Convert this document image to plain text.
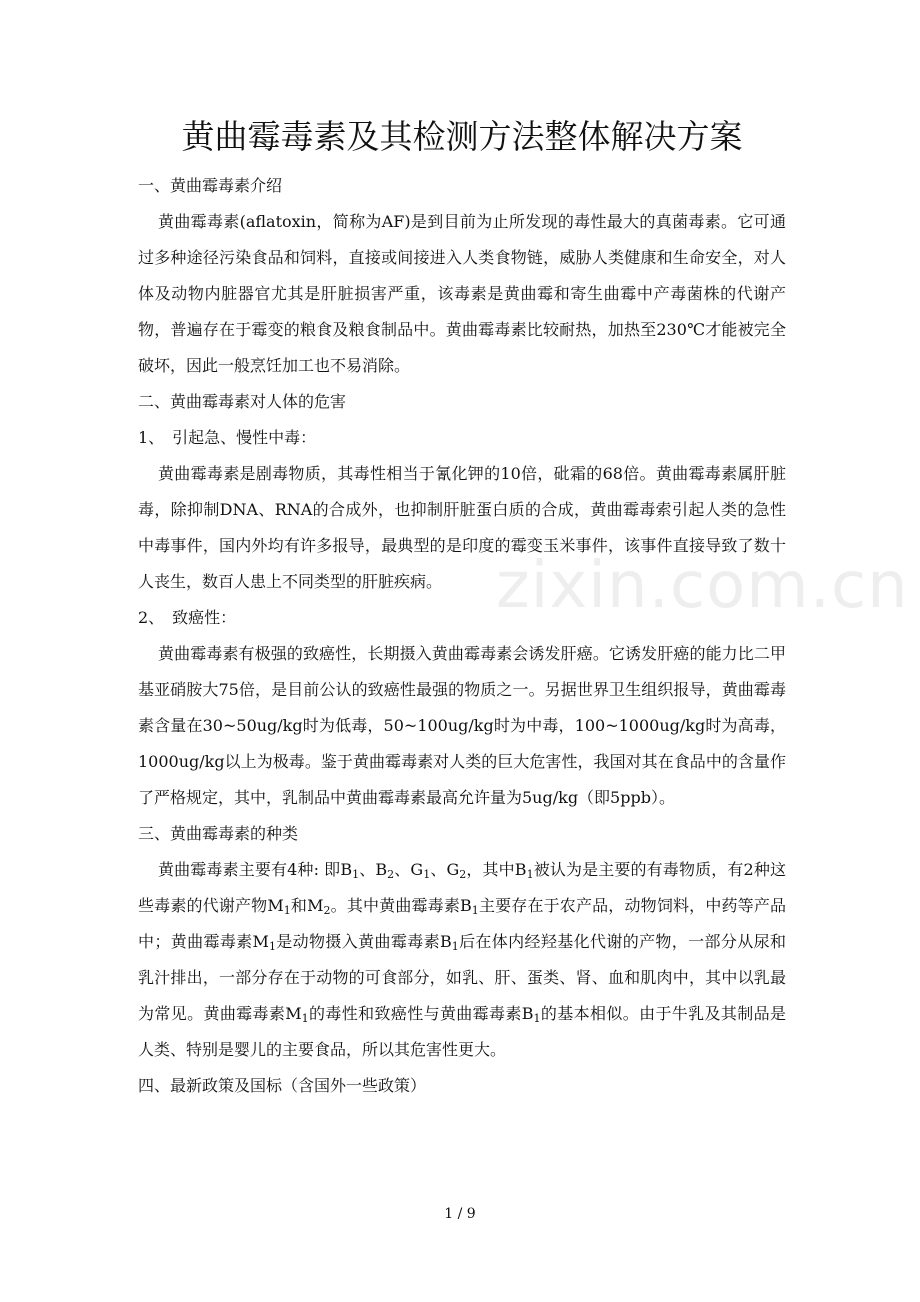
zixin.com.cn
黄曲霉毒素及其检测方法整体解决方案
一、黄曲霉毒素介绍

黄曲霉毒素(aflatoxin，简称为AF)是到目前为止所发现的毒性最大的真菌毒素。它可通过多种途径污染食品和饲料，直接或间接进入人类食物链，威胁人类健康和生命安全，对人体及动物内脏器官尤其是肝脏损害严重，该毒素是黄曲霉和寄生曲霉中产毒菌株的代谢产物，普遍存在于霉变的粮食及粮食制品中。黄曲霉毒素比较耐热，加热至230℃才能被完全破坏，因此一般烹饪加工也不易消除。

二、黄曲霉毒素对人体的危害
1、　引起急、慢性中毒：

黄曲霉毒素是剧毒物质，其毒性相当于氰化钾的10倍，砒霜的68倍。黄曲霉毒素属肝脏毒，除抑制DNA、RNA的合成外，也抑制肝脏蛋白质的合成，黄曲霉毒索引起人类的急性中毒事件，国内外均有许多报导，最典型的是印度的霉变玉米事件，该事件直接导致了数十人丧生，数百人患上不同类型的肝脏疾病。

2、　致癌性：

黄曲霉毒素有极强的致癌性，长期摄入黄曲霉毒素会诱发肝癌。它诱发肝癌的能力比二甲基亚硝胺大75倍，是目前公认的致癌性最强的物质之一。另据世界卫生组织报导，黄曲霉毒素含量在30~50ug/kg时为低毒，50~100ug/kg时为中毒，100~1000ug/kg时为高毒，1000ug/kg以上为极毒。鉴于黄曲霉毒素对人类的巨大危害性，我国对其在食品中的含量作了严格规定，其中，乳制品中黄曲霉毒素最高允许量为5ug/kg（即5ppb）。

三、黄曲霉毒素的种类

黄曲霉毒素主要有4种: 即$B_1$、$B_2$、$G_1$、$G_2$，其中$B_1$被认为是主要的有毒物质，有2种这些毒素的代谢产物$M_1$和$M_2$。其中黄曲霉毒素$B_1$主要存在于农产品，动物饲料，中药等产品中；黄曲霉毒素$M_1$是动物摄入黄曲霉毒素$B_1$后在体内经羟基化代谢的产物，一部分从尿和乳汁排出，一部分存在于动物的可食部分，如乳、肝、蛋类、肾、血和肌肉中，其中以乳最为常见。黄曲霉毒素$M_1$的毒性和致癌性与黄曲霉毒素$B_1$的基本相似。由于牛乳及其制品是人类、特别是婴儿的主要食品，所以其危害性更大。

四、最新政策及国标（含国外一些政策）
1 / 9
